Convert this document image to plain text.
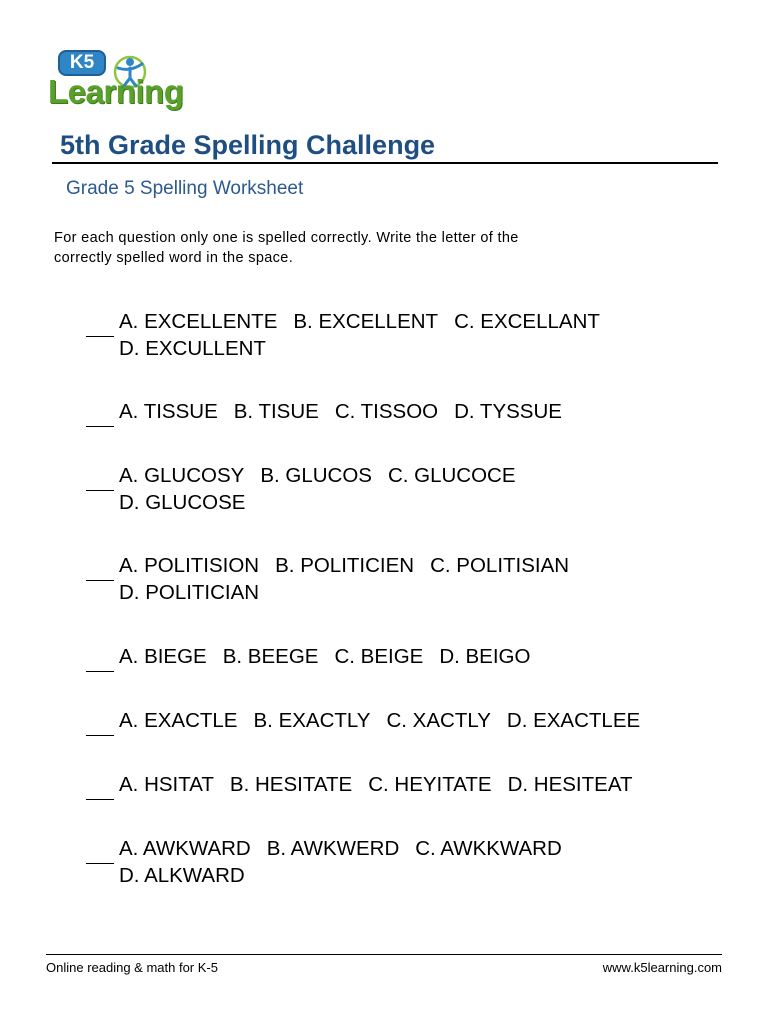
K5
Learning
5th Grade Spelling Challenge
Grade 5 Spelling Worksheet
For each question only one is spelled correctly. Write the letter of the
correctly spelled word in the space.
A. EXCELLENTE B. EXCELLENT C. EXCELLANT
D. EXCULLENT
A. TISSUE B. TISUE C. TISSOO D. TYSSUE
A. GLUCOSY B. GLUCOS C. GLUCOCE
D. GLUCOSE
A. POLITISION B. POLITICIEN C. POLITISIAN
D. POLITICIAN
A. BIEGE B. BEEGE C. BEIGE D. BEIGO
A. EXACTLE B. EXACTLY C. XACTLY D. EXACTLEE
A. HSITAT B. HESITATE C. HEYITATE D. HESITEAT
A. AWKWARD B. AWKWERD C. AWKKWARD
D. ALKWARD
Online reading & math for K-5	www.k5learning.com
